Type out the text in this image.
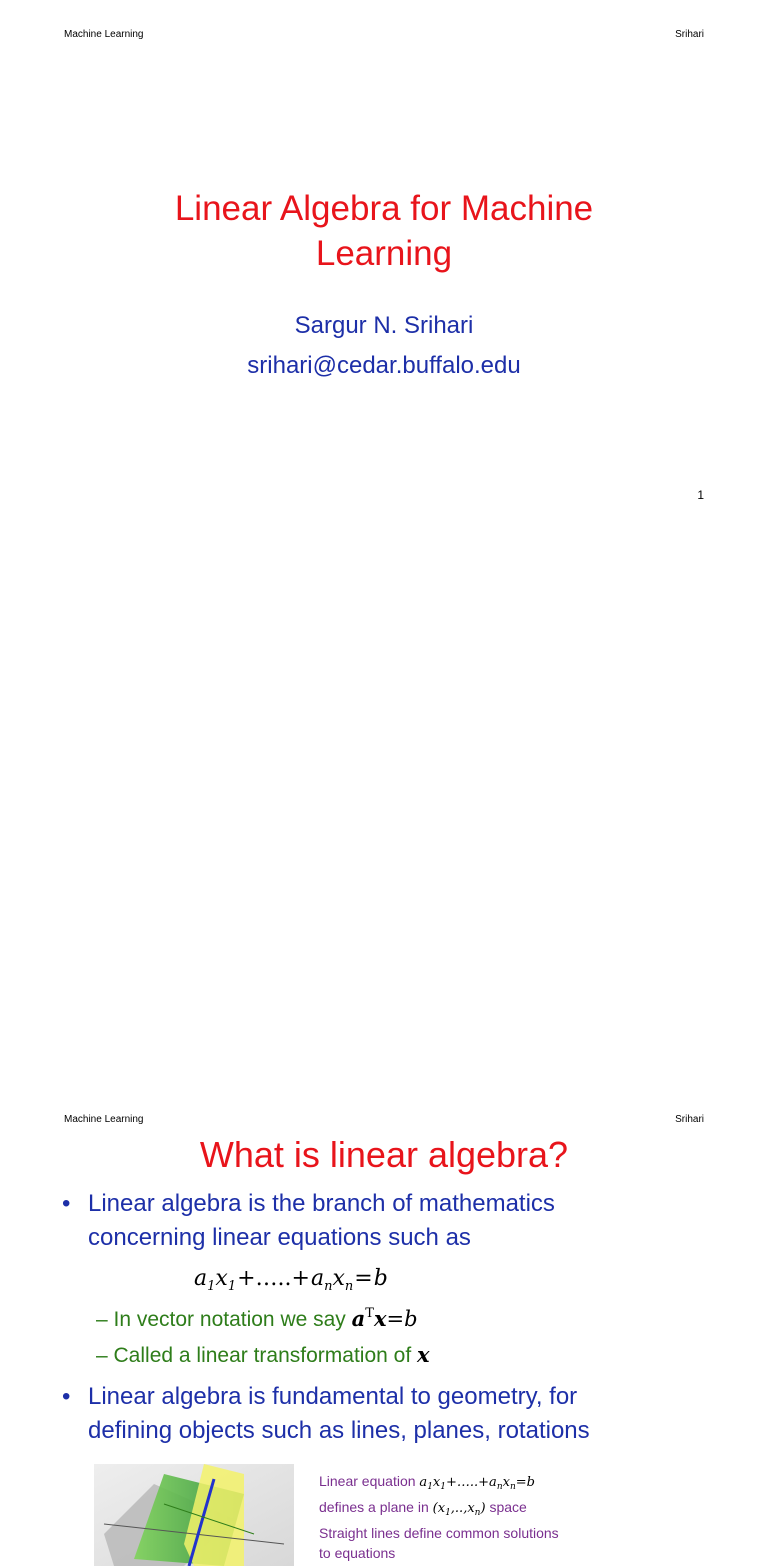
Machine Learning	Srihari
Linear Algebra for Machine
Learning
Sargur N. Srihari
srihari@cedar.buffalo.edu
1
Machine Learning	Srihari
What is linear algebra?
• Linear algebra is the branch of mathematics
concerning linear equations such as
$a_1x_1+\dots..+a_nx_n=b$
– In vector notation we say $a^Tx=b$
– Called a linear transformation of x
• Linear algebra is fundamental to geometry, for
defining objects such as lines, planes, rotations
Linear equation $a_1x_1+\dots..+a_nx_n=b$
defines a plane in $(x_1,..,x_n)$ space
Straight lines define common solutions
to equations
